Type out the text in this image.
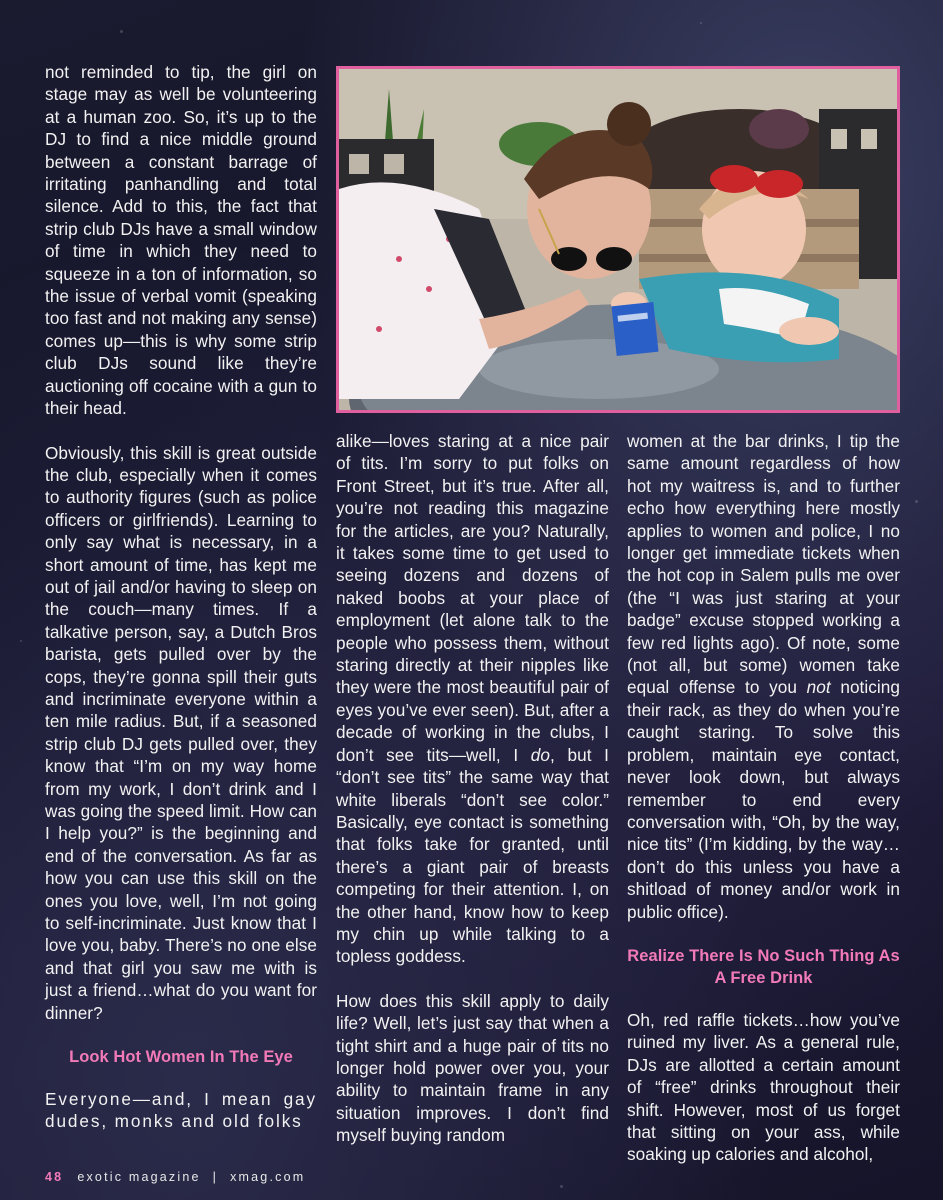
not reminded to tip, the girl on stage may as well be volunteering at a human zoo. So, it’s up to the DJ to find a nice middle ground between a constant barrage of irritating panhandling and total silence. Add to this, the fact that strip club DJs have a small window of time in which they need to squeeze in a ton of information, so the issue of verbal vomit (speaking too fast and not making any sense) comes up—this is why some strip club DJs sound like they’re auctioning off cocaine with a gun to their head.

Obviously, this skill is great outside the club, especially when it comes to authority figures (such as police officers or girlfriends). Learning to only say what is necessary, in a short amount of time, has kept me out of jail and/or having to sleep on the couch—many times. If a talkative person, say, a Dutch Bros barista, gets pulled over by the cops, they’re gonna spill their guts and incriminate everyone within a ten mile radius. But, if a seasoned strip club DJ gets pulled over, they know that “I’m on my way home from my work, I don’t drink and I was going the speed limit. How can I help you?” is the beginning and end of the conversation. As far as how you can use this skill on the ones you love, well, I’m not going to self-incriminate. Just know that I love you, baby. There’s no one else and that girl you saw me with is just a friend…what do you want for dinner?

Look Hot Women In The Eye

Everyone—and, I mean gay dudes, monks and old folks

alike—loves staring at a nice pair of tits. I’m sorry to put folks on Front Street, but it’s true. After all, you’re not reading this magazine for the articles, are you? Naturally, it takes some time to get used to seeing dozens and dozens of naked boobs at your place of employment (let alone talk to the people who possess them, without staring directly at their nipples like they were the most beautiful pair of eyes you’ve ever seen). But, after a decade of working in the clubs, I don’t see tits—well, I do, but I “don’t see tits” the same way that white liberals “don’t see color.” Basically, eye contact is something that folks take for granted, until there’s a giant pair of breasts competing for their attention. I, on the other hand, know how to keep my chin up while talking to a topless goddess.

How does this skill apply to daily life? Well, let’s just say that when a tight shirt and a huge pair of tits no longer hold power over you, your ability to maintain frame in any situation improves. I don’t find myself buying random

women at the bar drinks, I tip the same amount regardless of how hot my waitress is, and to further echo how everything here mostly applies to women and police, I no longer get immediate tickets when the hot cop in Salem pulls me over (the “I was just staring at your badge” excuse stopped working a few red lights ago). Of note, some (not all, but some) women take equal offense to you not noticing their rack, as they do when you’re caught staring. To solve this problem, maintain eye contact, never look down, but always remember to end every conversation with, “Oh, by the way, nice tits” (I’m kidding, by the way… don’t do this unless you have a shitload of money and/or work in public office).

Realize There Is No Such Thing As A Free Drink

Oh, red raffle tickets…how you’ve ruined my liver. As a general rule, DJs are allotted a certain amount of “free” drinks throughout their shift. However, most of us forget that sitting on your ass, while soaking up calories and alcohol,

48 exotic magazine | xmag.com
